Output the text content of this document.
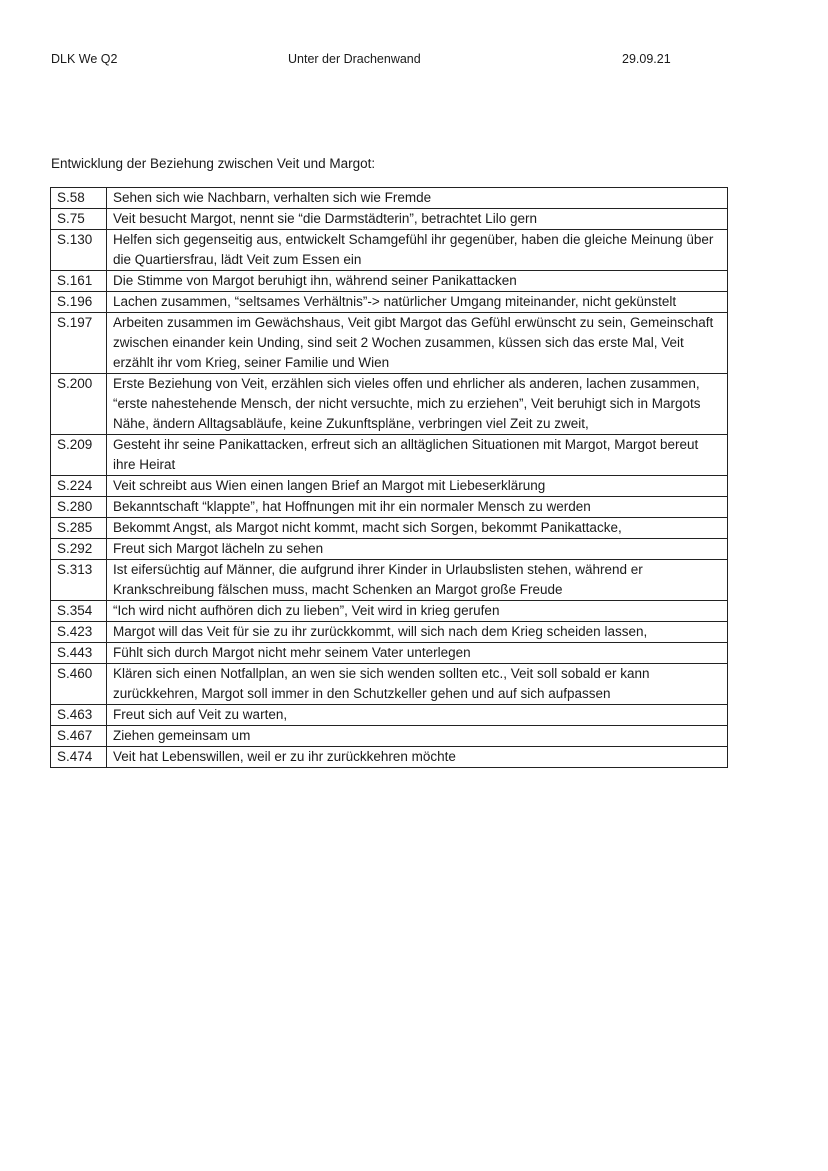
DLK We Q2	Unter der Drachenwand	29.09.21
Entwicklung der Beziehung zwischen Veit und Margot:
S.58	Sehen sich wie Nachbarn, verhalten sich wie Fremde
S.75	Veit besucht Margot, nennt sie “die Darmstädterin”, betrachtet Lilo gern
S.130	Helfen sich gegenseitig aus, entwickelt Schamgefühl ihr gegenüber, haben die gleiche Meinung über die Quartiersfrau, lädt Veit zum Essen ein
S.161	Die Stimme von Margot beruhigt ihn, während seiner Panikattacken
S.196	Lachen zusammen, “seltsames Verhältnis”-> natürlicher Umgang miteinander, nicht gekünstelt
S.197	Arbeiten zusammen im Gewächshaus, Veit gibt Margot das Gefühl erwünscht zu sein, Gemeinschaft zwischen einander kein Unding, sind seit 2 Wochen zusammen, küssen sich das erste Mal, Veit erzählt ihr vom Krieg, seiner Familie und Wien
S.200	Erste Beziehung von Veit, erzählen sich vieles offen und ehrlicher als anderen, lachen zusammen, “erste nahestehende Mensch, der nicht versuchte, mich zu erziehen”, Veit beruhigt sich in Margots Nähe, ändern Alltagsabläufe, keine Zukunftspläne, verbringen viel Zeit zu zweit,
S.209	Gesteht ihr seine Panikattacken, erfreut sich an alltäglichen Situationen mit Margot, Margot bereut ihre Heirat
S.224	Veit schreibt aus Wien einen langen Brief an Margot mit Liebeserklärung
S.280	Bekanntschaft “klappte”, hat Hoffnungen mit ihr ein normaler Mensch zu werden
S.285	Bekommt Angst, als Margot nicht kommt, macht sich Sorgen, bekommt Panikattacke,
S.292	Freut sich Margot lächeln zu sehen
S.313	Ist eifersüchtig auf Männer, die aufgrund ihrer Kinder in Urlaubslisten stehen, während er Krankschreibung fälschen muss, macht Schenken an Margot große Freude
S.354	“Ich wird nicht aufhören dich zu lieben”, Veit wird in krieg gerufen
S.423	Margot will das Veit für sie zu ihr zurückkommt, will sich nach dem Krieg scheiden lassen,
S.443	Fühlt sich durch Margot nicht mehr seinem Vater unterlegen
S.460	Klären sich einen Notfallplan, an wen sie sich wenden sollten etc., Veit soll sobald er kann zurückkehren, Margot soll immer in den Schutzkeller gehen und auf sich aufpassen
S.463	Freut sich auf Veit zu warten,
S.467	Ziehen gemeinsam um
S.474	Veit hat Lebenswillen, weil er zu ihr zurückkehren möchte
